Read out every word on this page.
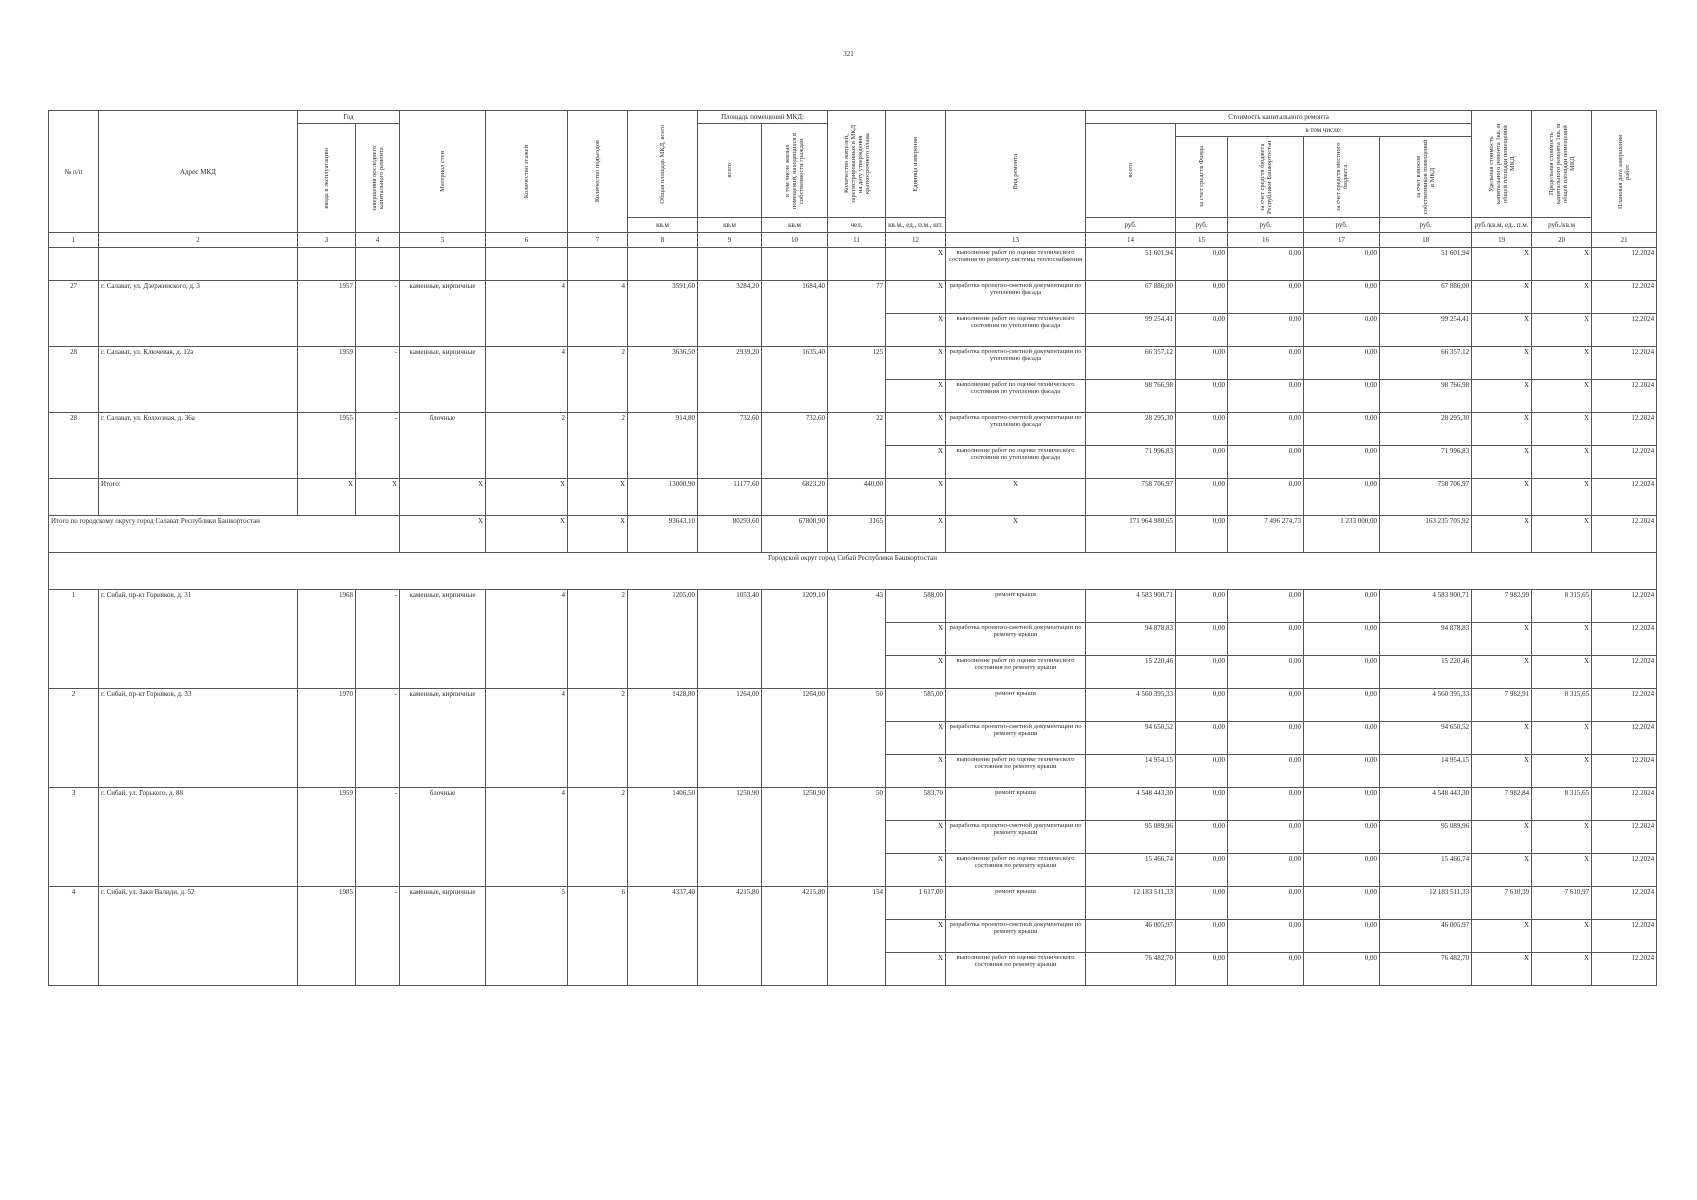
321
№ п/п	Адрес МКД	Год		Материал стен	Количество этажей	Количество подъездов	Общая площадь МКД, всего	Площадь помещений МКД:		Количество жителей, зарегистрированных в МКД на дату утверждения краткосрочного плана	Единица измерения	Вид ремонта	Стоимость капитального ремонта					Удельная стоимость капитального ремонта 1кв. м общей площади помещений МКД	Предельная стоимость капитального ремонта 1кв. м общей площади помещений МКД	Плановая дата завершения работ

		ввода в эксплуатацию	завершения последнего капитального ремонта					всего	в том числе жилых помещений, находящихся в собственности граждан				всего	в том числе:						

														за счет средств Фонда	за счет средств бюджета Республики Башкортостан	за счет средств местного бюджета	за счет взносов собственников помещений в МКД			

							кв.м	кв.м	кв.м	чел.	кв.м., ед., п.м., шт.		руб.	руб.	руб.	руб.	руб.	руб./кв.м, ед., п.м.	руб./кв.м	
1	2	3	4	5	6	7	8	9	10	11	12	13	14	15	16	17	18	19	20	21
											X	выполнение работ по оценке технического состояния по ремонту системы теплоснабжения	51 601,94	0,00	0,00	0,00	51 601,94	X	X	12.2024
27	г. Салават, ул. Дзержинского, д. 3	1957	-	каменные, кирпичные	4	4	3591,60	3284,20	1684,40	77	X	разработка проектно-сметной документации по утеплению фасада	67 886,00	0,00	0,00	0,00	67 886,00	X	X	12.2024
											X	выполнение работ по оценке технического состояния по утеплению фасада	99 254,41	0,00	0,00	0,00	99 254,41	X	X	12.2024
28	г. Салават, ул. Ключевая, д. 12а	1959	-	каменные, кирпичные	4	2	3636,50	2939,20	1635,40	125	X	разработка проектно-сметной документации по утеплению фасада	66 357,12	0,00	0,00	0,00	66 357,12	X	X	12.2024
											X	выполнение работ по оценке технического состояния по утеплению фасада	98 766,98	0,00	0,00	0,00	98 766,98	X	X	12.2024
28	г. Салават, ул. Колхозная, д. 36а	1955	-	блочные	2	2	914,80	732,60	732,60	22	X	разработка проектно-сметной документации по утеплению фасада	28 295,30	0,00	0,00	0,00	28 295,30	X	X	12.2024
											X	выполнение работ по оценке технического состояния по утеплению фасада	71 996,83	0,00	0,00	0,00	71 996,83	X	X	12.2024
	Итого:	X	X	X	X	X	13000,90	11177,60	6823,20	440,00	X	X	758 706,97	0,00	0,00	0,00	758 706,97	X	X	12.2024
Итого по городскому округу город Салават Республики Башкортостан				X	X	X	93643,10	80293,60	67808,90	3165	X	X	171 964 980,65	0,00	7 496 274,73	1 233 000,00	163 235 705,92	X	X	12.2024
Городской округ город Сибай Республики Башкортостан																				
1	г. Сибай, пр-кт Горняков, д. 31	1968	-	каменные, кирпичные	4	2	1205,00	1053,40	1209,10	43	588,00	ремонт крыши	4 583 900,71	0,00	0,00	0,00	4 583 900,71	7 982,99	8 315,65	12.2024
											X	разработка проектно-сметной документации по ремонту крыши	94 878,83	0,00	0,00	0,00	94 878,83	X	X	12.2024
											X	выполнение работ по оценке технического состояния по ремонту крыши	15 220,46	0,00	0,00	0,00	15 220,46	X	X	12.2024
2	г. Сибай, пр-кт Горняков, д. 33	1970	-	каменные, кирпичные	4	2	1428,80	1264,00	1264,00	50	585,00	ремонт крыши	4 560 395,33	0,00	0,00	0,00	4 560 395,33	7 982,91	8 315,65	12.2024
											X	разработка проектно-сметной документации по ремонту крыши	94 650,52	0,00	0,00	0,00	94 650,52	X	X	12.2024
											X	выполнение работ по оценке технического состояния по ремонту крыши	14 954,15	0,00	0,00	0,00	14 954,15	X	X	12.2024
3	г. Сибай, ул. Горького, д. 88	1959	-	блочные	4	2	1406,50	1250,90	1250,90	50	583,70	ремонт крыши	4 548 443,30	0,00	0,00	0,00	4 548 443,30	7 982,84	8 315,65	12.2024
											X	разработка проектно-сметной документации по ремонту крыши	95 089,96	0,00	0,00	0,00	95 089,96	X	X	12.2024
											X	выполнение работ по оценке технического состояния по ремонту крыши	15 466,74	0,00	0,00	0,00	15 466,74	X	X	12.2024
4	г. Сибай, ул. Заки Валиди, д. 52	1985	-	каменные, кирпичные	5	6	4337,40	4215,80	4215,80	154	1 617,00	ремонт крыши	12 183 511,33	0,00	0,00	0,00	12 183 511,33	7 610,39	7 610,97	12.2024
											X	разработка проектно-сметной документации по ремонту крыши	46 005,97	0,00	0,00	0,00	46 005,97	X	X	12.2024
											X	выполнение работ по оценке технического состояния по ремонту крыши	76 482,70	0,00	0,00	0,00	76 482,70	X	X	12.2024
